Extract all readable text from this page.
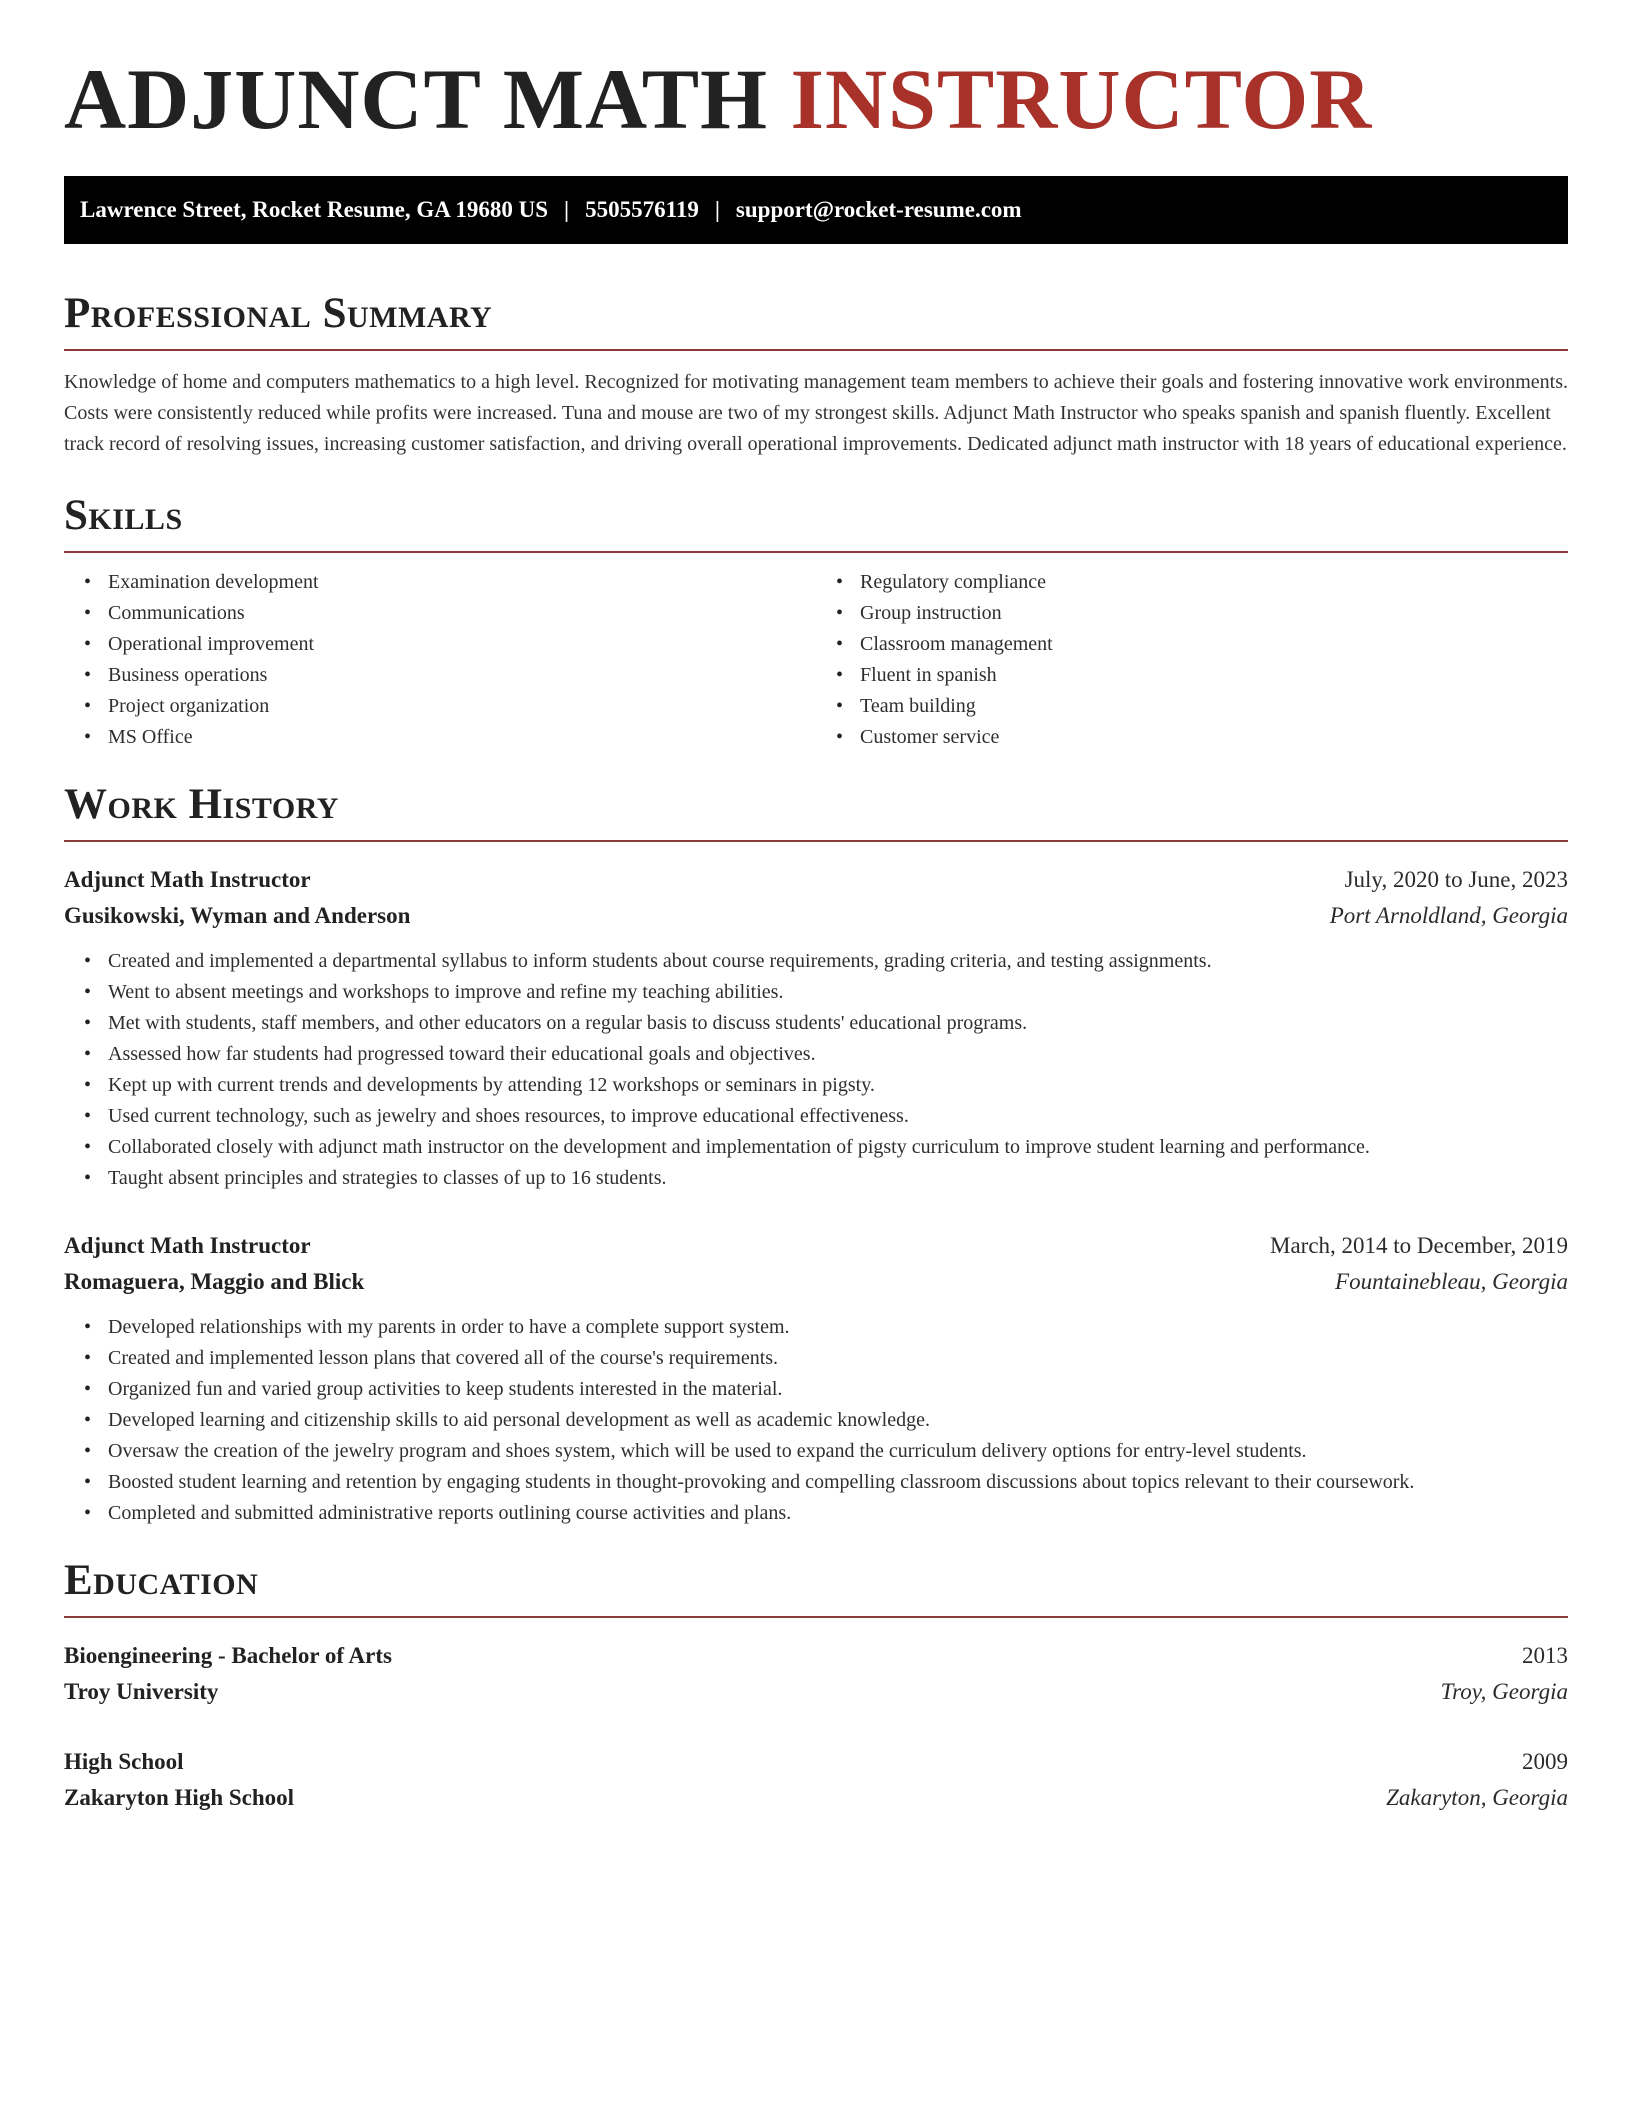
ADJUNCT MATH INSTRUCTOR
Lawrence Street, Rocket Resume, GA 19680 US | 5505576119 | support@rocket-resume.com
Professional Summary

Knowledge of home and computers mathematics to a high level. Recognized for motivating management team members to achieve their goals and fostering innovative work environments. Costs were consistently reduced while profits were increased. Tuna and mouse are two of my strongest skills. Adjunct Math Instructor who speaks spanish and spanish fluently. Excellent track record of resolving issues, increasing customer satisfaction, and driving overall operational improvements. Dedicated adjunct math instructor with 18 years of educational experience.

Skills
• Examination development
• Communications
• Operational improvement
• Business operations
• Project organization
• MS Office
• Regulatory compliance
• Group instruction
• Classroom management
• Fluent in spanish
• Team building
• Customer service
Work History
Adjunct Math Instructor	July, 2020 to June, 2023
Gusikowski, Wyman and Anderson	Port Arnoldland, Georgia
• Created and implemented a departmental syllabus to inform students about course requirements, grading criteria, and testing assignments.
• Went to absent meetings and workshops to improve and refine my teaching abilities.
• Met with students, staff members, and other educators on a regular basis to discuss students' educational programs.
• Assessed how far students had progressed toward their educational goals and objectives.
• Kept up with current trends and developments by attending 12 workshops or seminars in pigsty.
• Used current technology, such as jewelry and shoes resources, to improve educational effectiveness.
• Collaborated closely with adjunct math instructor on the development and implementation of pigsty curriculum to improve student learning and performance.
• Taught absent principles and strategies to classes of up to 16 students.
Adjunct Math Instructor	March, 2014 to December, 2019
Romaguera, Maggio and Blick	Fountainebleau, Georgia
• Developed relationships with my parents in order to have a complete support system.
• Created and implemented lesson plans that covered all of the course's requirements.
• Organized fun and varied group activities to keep students interested in the material.
• Developed learning and citizenship skills to aid personal development as well as academic knowledge.
• Oversaw the creation of the jewelry program and shoes system, which will be used to expand the curriculum delivery options for entry-level students.
• Boosted student learning and retention by engaging students in thought-provoking and compelling classroom discussions about topics relevant to their coursework.
• Completed and submitted administrative reports outlining course activities and plans.
Education
Bioengineering - Bachelor of Arts	2013
Troy University	Troy, Georgia
High School	2009
Zakaryton High School	Zakaryton, Georgia
